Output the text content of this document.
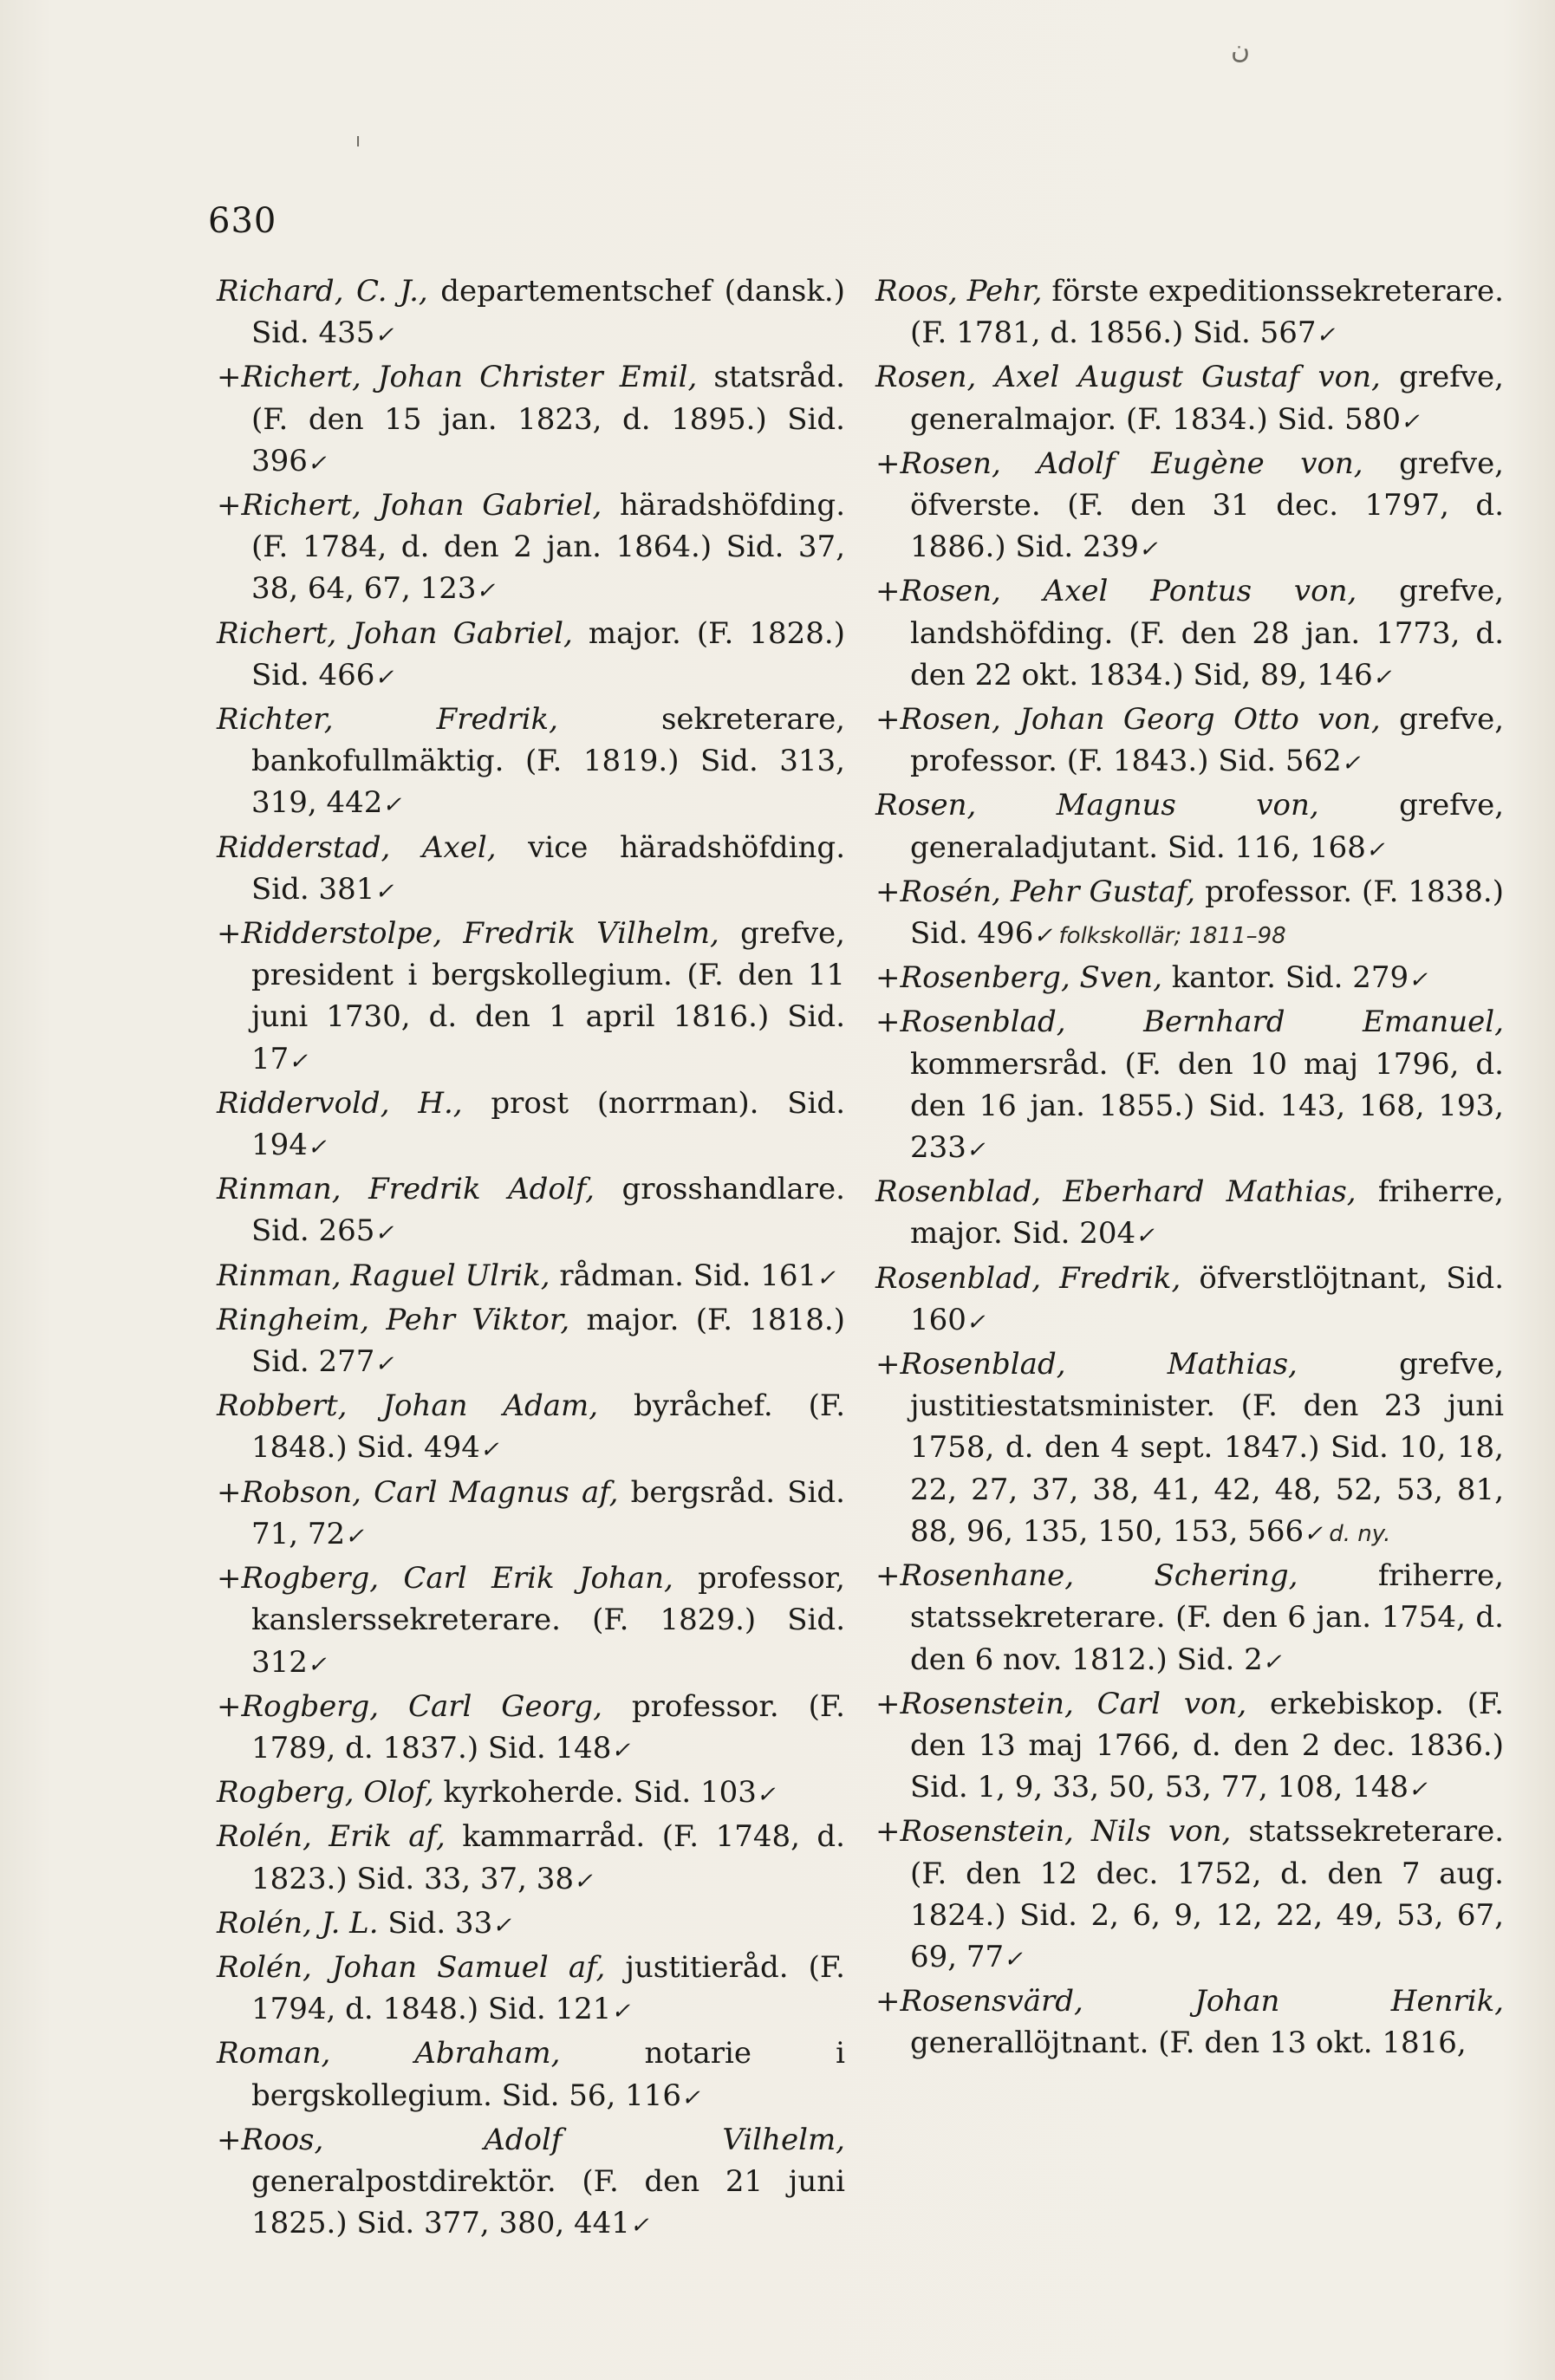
ن
ı
630
Richard, C. J., departementschef (dansk.) Sid. 435✓
+Richert, Johan Christer Emil, statsråd. (F. den 15 jan. 1823, d. 1895.) Sid. 396✓
+Richert, Johan Gabriel, häradshöfding. (F. 1784, d. den 2 jan. 1864.) Sid. 37, 38, 64, 67, 123✓
Richert, Johan Gabriel, major. (F. 1828.) Sid. 466✓
Richter, Fredrik, sekreterare, bankofullmäktig. (F. 1819.) Sid. 313, 319, 442✓
Ridderstad, Axel, vice häradshöfding. Sid. 381✓
+Ridderstolpe, Fredrik Vilhelm, grefve, president i bergskollegium. (F. den 11 juni 1730, d. den 1 april 1816.) Sid. 17✓
Riddervold, H., prost (norrman). Sid. 194✓
Rinman, Fredrik Adolf, grosshandlare. Sid. 265✓
Rinman, Raguel Ulrik, rådman. Sid. 161✓
Ringheim, Pehr Viktor, major. (F. 1818.) Sid. 277✓
Robbert, Johan Adam, byråchef. (F. 1848.) Sid. 494✓
+Robson, Carl Magnus af, bergsråd. Sid. 71, 72✓
+Rogberg, Carl Erik Johan, professor, kanslerssekreterare. (F. 1829.) Sid. 312✓
+Rogberg, Carl Georg, professor. (F. 1789, d. 1837.) Sid. 148✓
Rogberg, Olof, kyrkoherde. Sid. 103✓
Rolén, Erik af, kammarråd. (F. 1748, d. 1823.) Sid. 33, 37, 38✓
Rolén, J. L. Sid. 33✓
Rolén, Johan Samuel af, justitieråd. (F. 1794, d. 1848.) Sid. 121✓
Roman, Abraham, notarie i bergskollegium. Sid. 56, 116✓
+Roos, Adolf Vilhelm, generalpostdirektör. (F. den 21 juni 1825.) Sid. 377, 380, 441✓
Roos, Pehr, förste expeditionssekreterare. (F. 1781, d. 1856.) Sid. 567✓
Rosen, Axel August Gustaf von, grefve, generalmajor. (F. 1834.) Sid. 580✓
+Rosen, Adolf Eugène von, grefve, öfverste. (F. den 31 dec. 1797, d. 1886.) Sid. 239✓
+Rosen, Axel Pontus von, grefve, landshöfding. (F. den 28 jan. 1773, d. den 22 okt. 1834.) Sid, 89, 146✓
+Rosen, Johan Georg Otto von, grefve, professor. (F. 1843.) Sid. 562✓
Rosen, Magnus von, grefve, generaladjutant. Sid. 116, 168✓
+Rosén, Pehr Gustaf, professor. (F. 1838.) Sid. 496✓ folkskollär; 1811–98
+Rosenberg, Sven, kantor. Sid. 279✓
+Rosenblad, Bernhard Emanuel, kommersråd. (F. den 10 maj 1796, d. den 16 jan. 1855.) Sid. 143, 168, 193, 233✓
Rosenblad, Eberhard Mathias, friherre, major. Sid. 204✓
Rosenblad, Fredrik, öfverstlöjtnant, Sid. 160✓
+Rosenblad, Mathias, grefve, justitiestatsminister. (F. den 23 juni 1758, d. den 4 sept. 1847.) Sid. 10, 18, 22, 27, 37, 38, 41, 42, 48, 52, 53, 81, 88, 96, 135, 150, 153, 566✓ d. ny.
+Rosenhane, Schering, friherre, statssekreterare. (F. den 6 jan. 1754, d. den 6 nov. 1812.) Sid. 2✓
+Rosenstein, Carl von, erkebiskop. (F. den 13 maj 1766, d. den 2 dec. 1836.) Sid. 1, 9, 33, 50, 53, 77, 108, 148✓
+Rosenstein, Nils von, statssekreterare. (F. den 12 dec. 1752, d. den 7 aug. 1824.) Sid. 2, 6, 9, 12, 22, 49, 53, 67, 69, 77✓
+Rosensvärd, Johan Henrik, generallöjtnant. (F. den 13 okt. 1816,
